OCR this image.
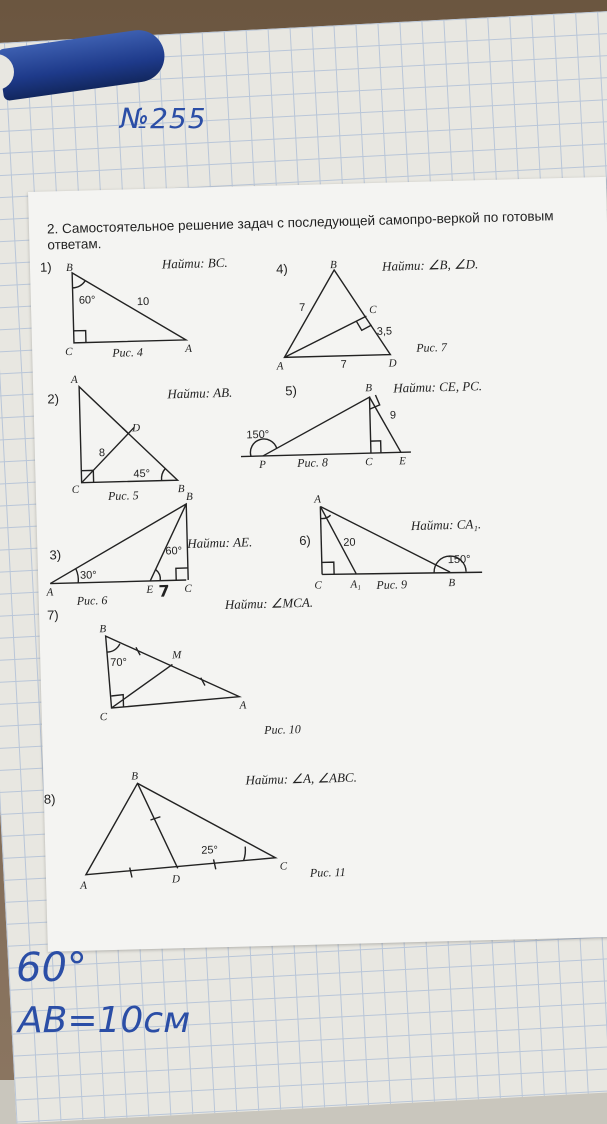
№255
2. Самостоятельное решение задач с последующей самопро-веркой по готовым ответам.
1)	Найти: BC.
B
C	A
60°	10
Рис. 4
4)	Найти: ∠B, ∠D.
B
C
A	D
7
7
3,5
Рис. 7
2)	Найти: AB.
A
D
C	B
8
45°
Рис. 5
5)	Найти: CE, PC.
B
P	C E
150°
9
Рис. 8
3)
Найти: AE.
B
A	E	C
30°
60°
7
Рис. 6
6)
Найти: CA₁.
A
C	A₁	B
20
150°
Рис. 9
7)
Найти: ∠MCA.
B
M
C
A
70°
Рис. 10
8)
Найти: ∠A, ∠ABC.
B
A
D
C
25°
Рис. 11
60°
AB=10см
